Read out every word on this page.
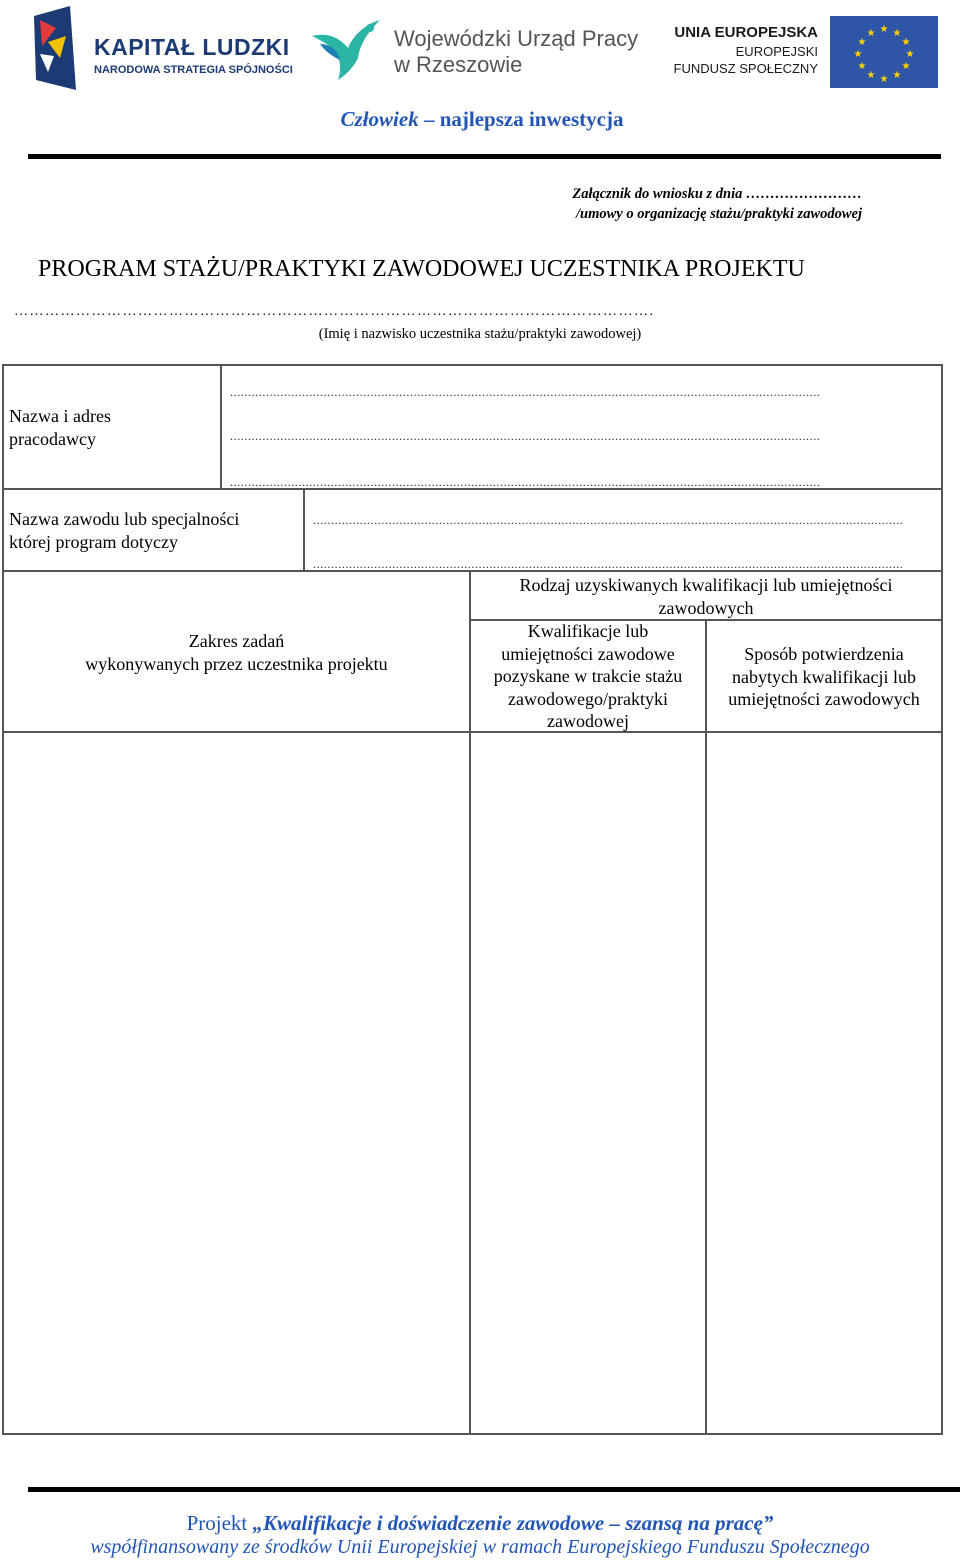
KAPITAŁ LUDZKI
NARODOWA STRATEGIA SPÓJNOŚCI
Wojewódzki Urząd Pracy
w Rzeszowie
UNIA EUROPEJSKA
EUROPEJSKI
FUNDUSZ SPOŁECZNY
★ ★
★
★
★
★
★
★
★
★
★
★
Człowiek – najlepsza inwestycja
Załącznik do wniosku z dnia ……………………
/umowy o organizację stażu/praktyki zawodowej
PROGRAM STAŻU/PRAKTYKI ZAWODOWEJ UCZESTNIKA PROJEKTU
…………………………………………………………………………………………………………….
(Imię i nazwisko uczestnika stażu/praktyki zawodowej)
Nazwa i adres
pracodawcy
....................................................................................................................................................................
....................................................................................................................................................................
....................................................................................................................................................................
Nazwa zawodu lub specjalności
której program dotyczy
....................................................................................................................................................................
....................................................................................................................................................................
Zakres zadań
wykonywanych przez uczestnika projektu
Rodzaj uzyskiwanych kwalifikacji lub umiejętności
zawodowych
Kwalifikacje lub
umiejętności zawodowe
pozyskane w trakcie stażu
zawodowego/praktyki
zawodowej
Sposób potwierdzenia
nabytych kwalifikacji lub
umiejętności zawodowych
Projekt „Kwalifikacje i doświadczenie zawodowe – szansą na pracę”
współfinansowany ze środków Unii Europejskiej w ramach Europejskiego Funduszu Społecznego
